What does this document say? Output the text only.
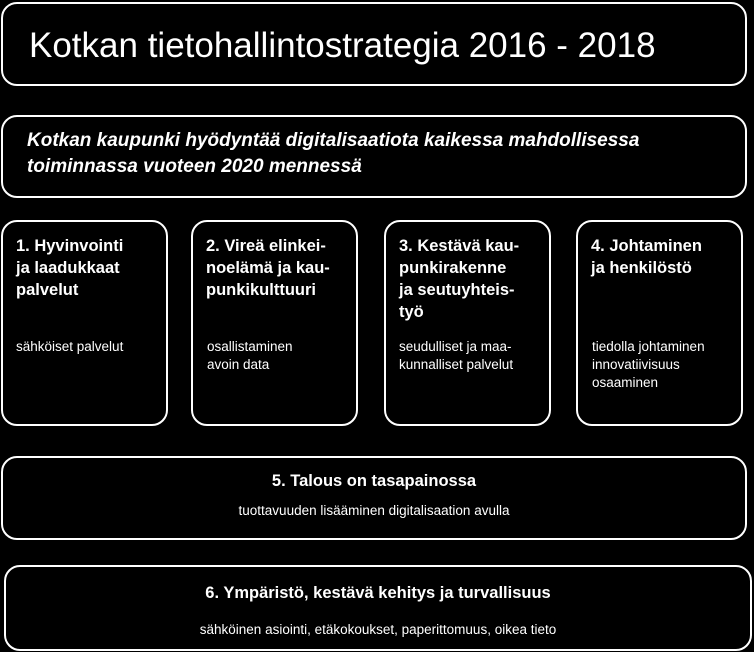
Kotkan tietohallintostrategia 2016 - 2018
Kotkan kaupunki hyödyntää digitalisaatiota kaikessa mahdollisessa toiminnassa vuoteen 2020 mennessä
1. Hyvinvointi
ja laadukkaat
palvelut
sähköiset palvelut
2. Vireä elinkei-
noelämä ja kau-
punkikulttuuri
osallistaminen
avoin data
3. Kestävä kau-
punkirakenne
ja seutuyhteis-
työ
seudulliset ja maa-
kunnalliset palvelut
4. Johtaminen
ja henkilöstö
tiedolla johtaminen
innovatiivisuus
osaaminen
5. Talous on tasapainossa
tuottavuuden lisääminen digitalisaation avulla
6. Ympäristö, kestävä kehitys ja turvallisuus
sähköinen asiointi, etäkokoukset, paperittomuus, oikea tieto
